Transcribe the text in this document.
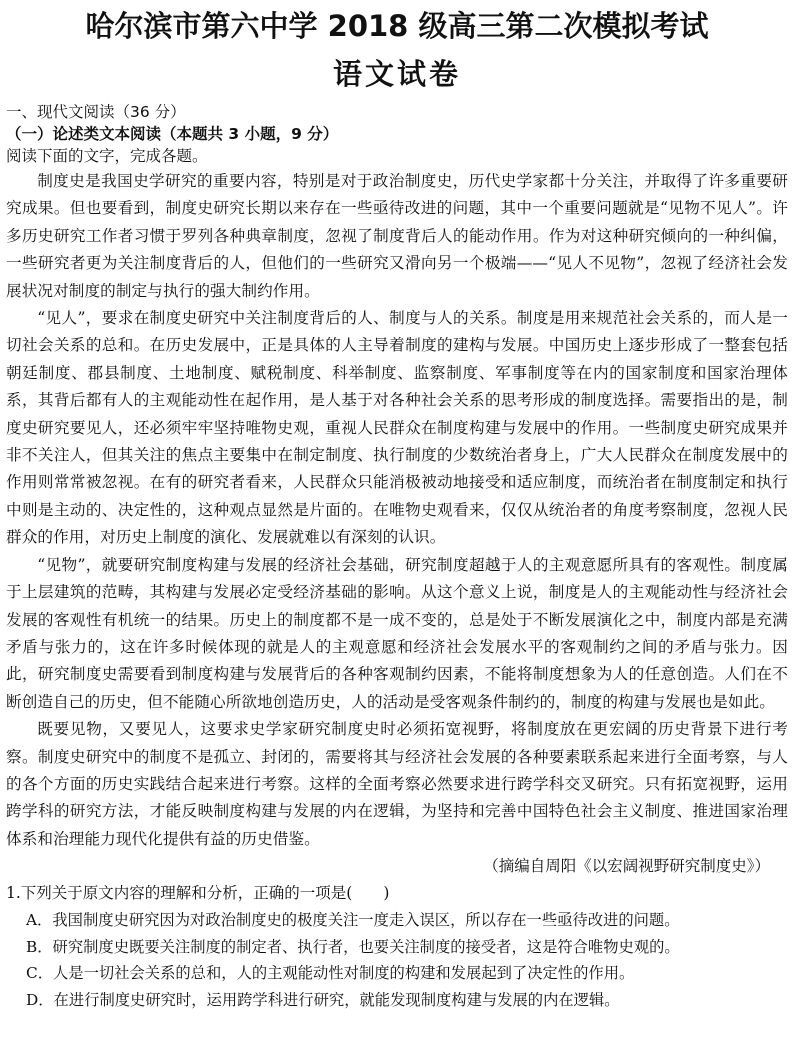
哈尔滨市第六中学 2018 级高三第二次模拟考试
语文试卷

一、现代文阅读（36 分）

（一）论述类文本阅读（本题共 3 小题，9 分）

阅读下面的文字，完成各题。

制度史是我国史学研究的重要内容，特别是对于政治制度史，历代史学家都十分关注，并取得了许多重要研究成果。但也要看到，制度史研究长期以来存在一些亟待改进的问题，其中一个重要问题就是“见物不见人”。许多历史研究工作者习惯于罗列各种典章制度，忽视了制度背后人的能动作用。作为对这种研究倾向的一种纠偏，一些研究者更为关注制度背后的人，但他们的一些研究又滑向另一个极端——“见人不见物”，忽视了经济社会发展状况对制度的制定与执行的强大制约作用。

“见人”，要求在制度史研究中关注制度背后的人、制度与人的关系。制度是用来规范社会关系的，而人是一切社会关系的总和。在历史发展中，正是具体的人主导着制度的建构与发展。中国历史上逐步形成了一整套包括朝廷制度、郡县制度、土地制度、赋税制度、科举制度、监察制度、军事制度等在内的国家制度和国家治理体系，其背后都有人的主观能动性在起作用，是人基于对各种社会关系的思考形成的制度选择。需要指出的是，制度史研究要见人，还必须牢牢坚持唯物史观，重视人民群众在制度构建与发展中的作用。一些制度史研究成果并非不关注人，但其关注的焦点主要集中在制定制度、执行制度的少数统治者身上，广大人民群众在制度发展中的作用则常常被忽视。在有的研究者看来，人民群众只能消极被动地接受和适应制度，而统治者在制度制定和执行中则是主动的、决定性的，这种观点显然是片面的。在唯物史观看来，仅仅从统治者的角度考察制度，忽视人民群众的作用，对历史上制度的演化、发展就难以有深刻的认识。

“见物”，就要研究制度构建与发展的经济社会基础，研究制度超越于人的主观意愿所具有的客观性。制度属于上层建筑的范畴，其构建与发展必定受经济基础的影响。从这个意义上说，制度是人的主观能动性与经济社会发展的客观性有机统一的结果。历史上的制度都不是一成不变的，总是处于不断发展演化之中，制度内部是充满矛盾与张力的，这在许多时候体现的就是人的主观意愿和经济社会发展水平的客观制约之间的矛盾与张力。因此，研究制度史需要看到制度构建与发展背后的各种客观制约因素，不能将制度想象为人的任意创造。人们在不断创造自己的历史，但不能随心所欲地创造历史，人的活动是受客观条件制约的，制度的构建与发展也是如此。

既要见物，又要见人，这要求史学家研究制度史时必须拓宽视野，将制度放在更宏阔的历史背景下进行考察。制度史研究中的制度不是孤立、封闭的，需要将其与经济社会发展的各种要素联系起来进行全面考察，与人的各个方面的历史实践结合起来进行考察。这样的全面考察必然要求进行跨学科交叉研究。只有拓宽视野，运用跨学科的研究方法，才能反映制度构建与发展的内在逻辑，为坚持和完善中国特色社会主义制度、推进国家治理体系和治理能力现代化提供有益的历史借鉴。

（摘编自周阳《以宏阔视野研究制度史》）

1.下列关于原文内容的理解和分析，正确的一项是(　　)

A．我国制度史研究因为对政治制度史的极度关注一度走入误区，所以存在一些亟待改进的问题。
B．研究制度史既要关注制度的制定者、执行者，也要关注制度的接受者，这是符合唯物史观的。
C．人是一切社会关系的总和，人的主观能动性对制度的构建和发展起到了决定性的作用。
D．在进行制度史研究时，运用跨学科进行研究，就能发现制度构建与发展的内在逻辑。
